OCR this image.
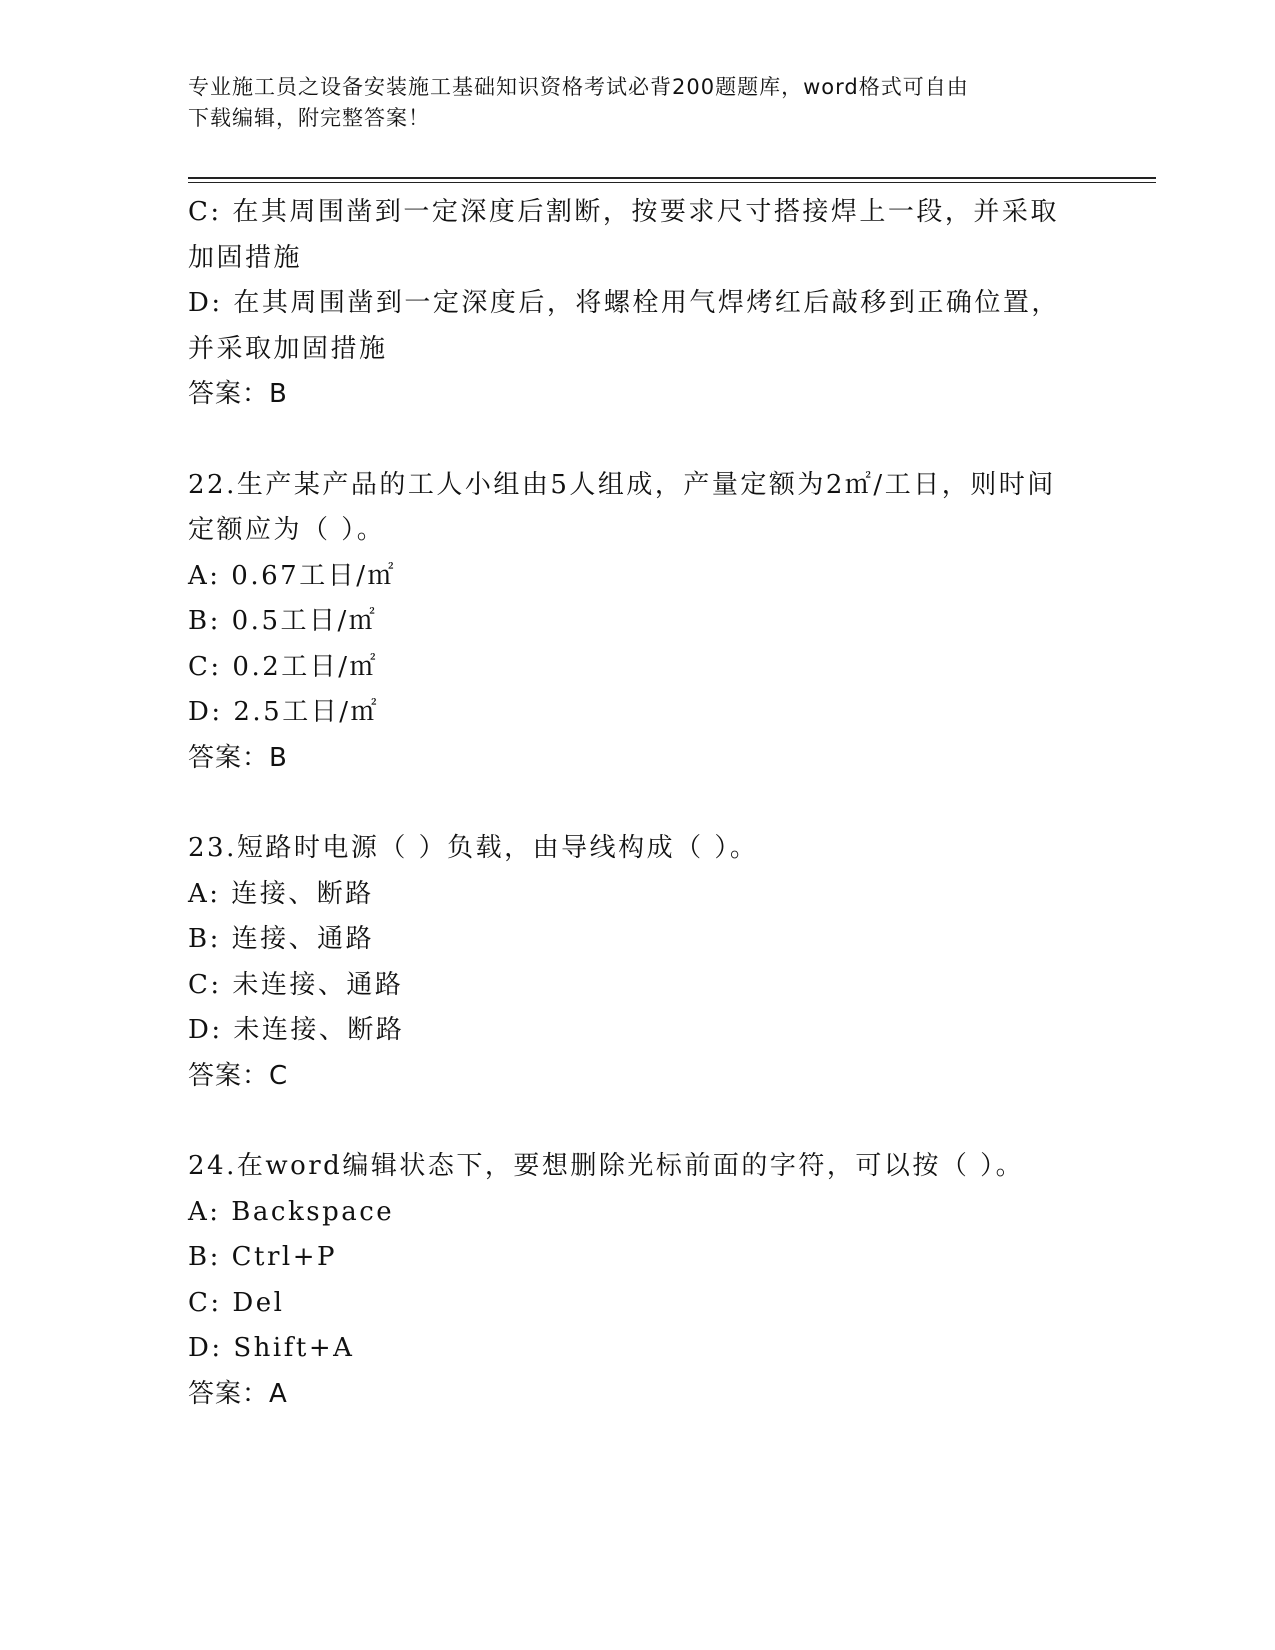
专业施工员之设备安装施工基础知识资格考试必背200题题库，word格式可自由
下载编辑，附完整答案！

C: 在其周围凿到一定深度后割断，按要求尺寸搭接焊上一段，并采取

加固措施

D: 在其周围凿到一定深度后，将螺栓用气焊烤红后敲移到正确位置，

并采取加固措施

答案：B

22.生产某产品的工人小组由5人组成，产量定额为2㎡/工日，则时间

定额应为（ ）。

A: 0.67工日/㎡

B: 0.5工日/㎡

C: 0.2工日/㎡

D: 2.5工日/㎡

答案：B

23.短路时电源（ ）负载，由导线构成（ ）。

A: 连接、断路

B: 连接、通路

C: 未连接、通路

D: 未连接、断路

答案：C

24.在word编辑状态下，要想删除光标前面的字符，可以按（ ）。

A: Backspace

B: Ctrl+P

C: Del

D: Shift+A

答案：A
